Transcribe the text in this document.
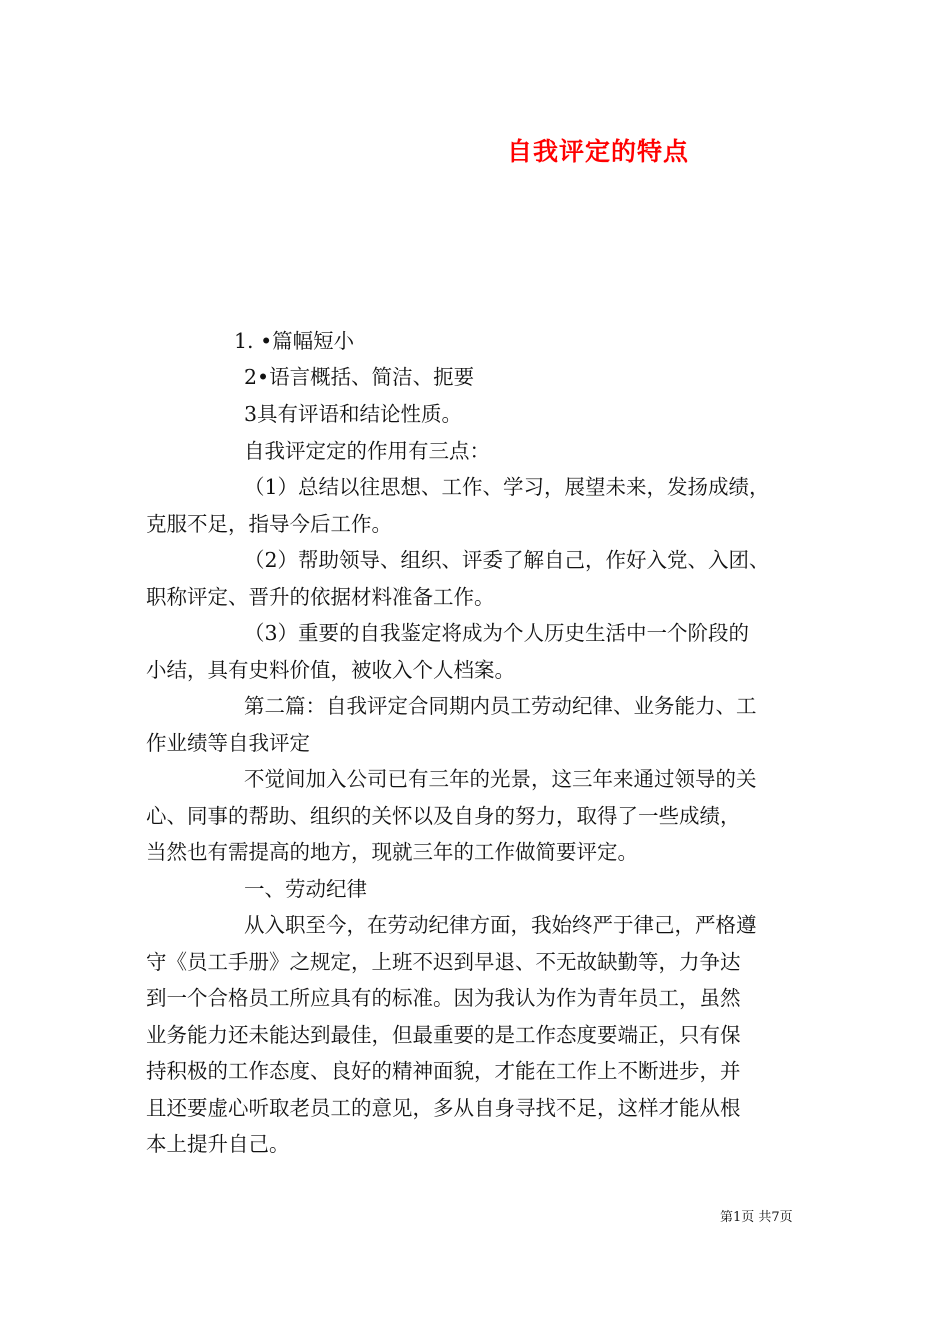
自我评定的特点
1. •篇幅短小
2•语言概括、简洁、扼要
3具有评语和结论性质。
自我评定定的作用有三点：
（1）总结以往思想、工作、学习，展望未来，发扬成绩，
克服不足，指导今后工作。
（2）帮助领导、组织、评委了解自己，作好入党、入团、
职称评定、晋升的依据材料准备工作。
（3）重要的自我鉴定将成为个人历史生活中一个阶段的
小结，具有史料价值，被收入个人档案。
第二篇：自我评定合同期内员工劳动纪律、业务能力、工
作业绩等自我评定
不觉间加入公司已有三年的光景，这三年来通过领导的关
心、同事的帮助、组织的关怀以及自身的努力，取得了一些成绩，
当然也有需提高的地方，现就三年的工作做简要评定。
一、劳动纪律
从入职至今，在劳动纪律方面，我始终严于律己，严格遵
守《员工手册》之规定，上班不迟到早退、不无故缺勤等，力争达
到一个合格员工所应具有的标准。因为我认为作为青年员工，虽然
业务能力还未能达到最佳，但最重要的是工作态度要端正，只有保
持积极的工作态度、良好的精神面貌，才能在工作上不断进步，并
且还要虚心听取老员工的意见，多从自身寻找不足，这样才能从根
本上提升自己。
第1页 共7页
